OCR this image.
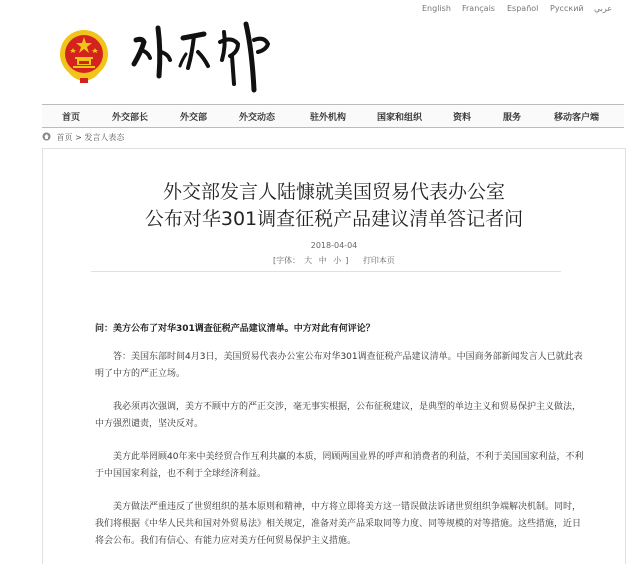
English Français Español Русский عربي
首页	外交部长	外交部	外交动态	驻外机构	国家和组织	资料	服务	移动客户端
首页 > 发言人表态
外交部发言人陆慷就美国贸易代表办公室
公布对华301调查征税产品建议清单答记者问
2018-04-04
[字体： 大 中 小 ] 打印本页
问：美方公布了对华301调查征税产品建议清单。中方对此有何评论？
答：美国东部时间4月3日，美国贸易代表办公室公布对华301调查征税产品建议清单。中国商务部新闻发言人已就此表明了中方的严正立场。
我必须再次强调，美方不顾中方的严正交涉，毫无事实根据，公布征税建议，是典型的单边主义和贸易保护主义做法，中方强烈谴责，坚决反对。
美方此举罔顾40年来中美经贸合作互利共赢的本质，罔顾两国业界的呼声和消费者的利益，不利于美国国家利益，不利于中国国家利益，也不利于全球经济利益。
美方做法严重违反了世贸组织的基本原则和精神，中方将立即将美方这一错误做法诉诸世贸组织争端解决机制。同时，我们将根据《中华人民共和国对外贸易法》相关规定，准备对美产品采取同等力度、同等规模的对等措施。这些措施，近日将会公布。我们有信心、有能力应对美方任何贸易保护主义措施。
